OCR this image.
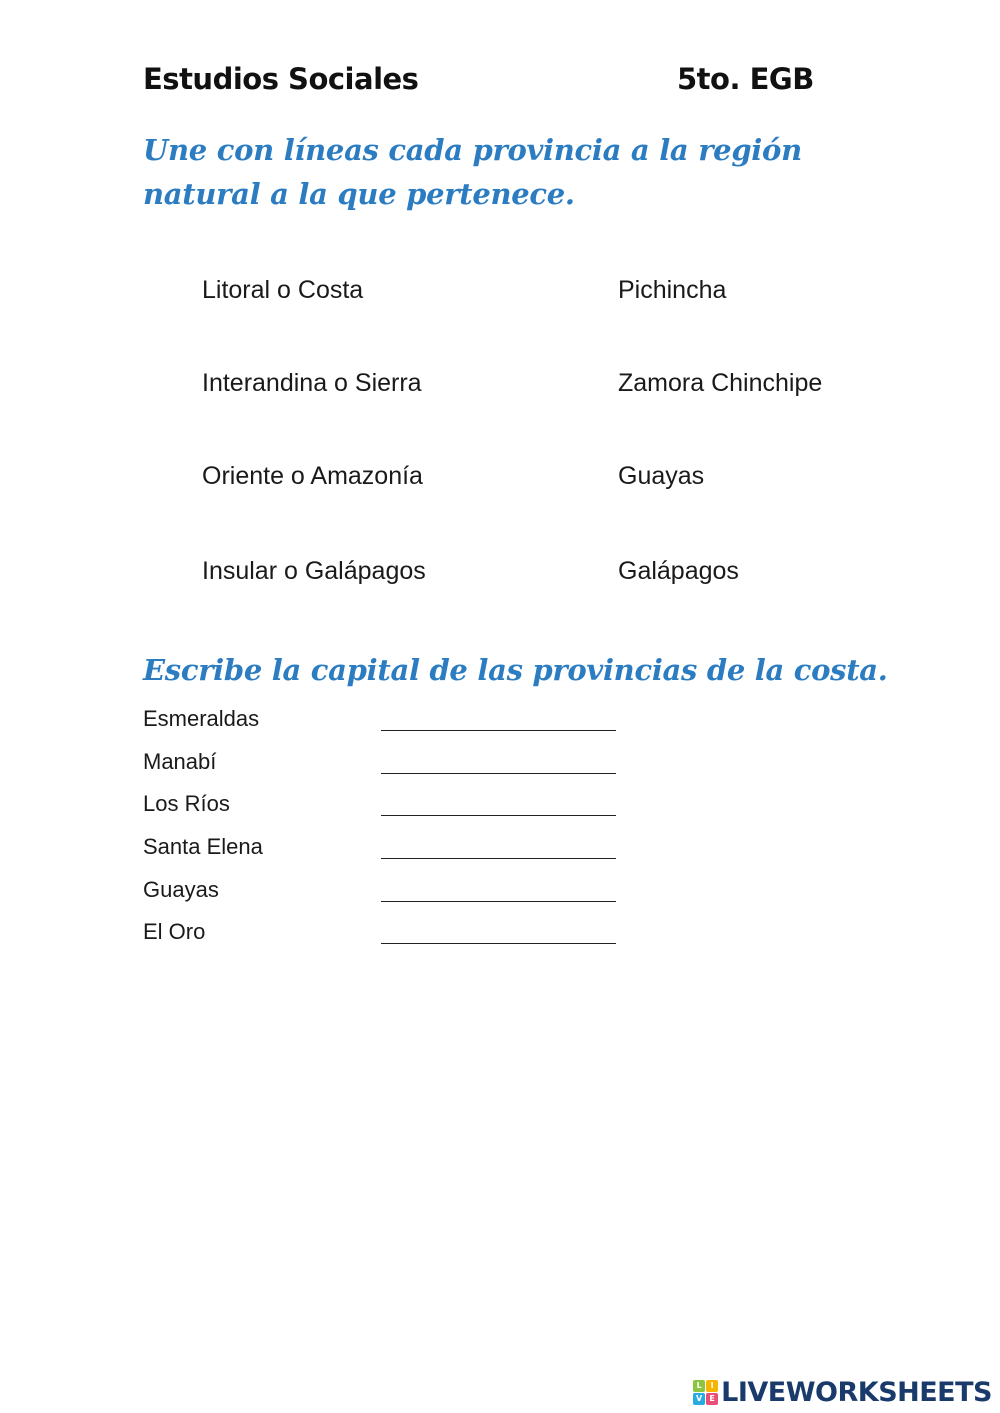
Estudios Sociales	5to. EGB
Une con líneas cada provincia a la región natural a la que pertenece.
Litoral o Costa	Pichincha
Interandina o Sierra	Zamora Chinchipe
Oriente o Amazonía	Guayas
Insular o Galápagos	Galápagos
Escribe la capital de las provincias de la costa.
Esmeraldas
Manabí
Los Ríos
Santa Elena
Guayas
El Oro
L	I
V E LIVEWORKSHEETS
